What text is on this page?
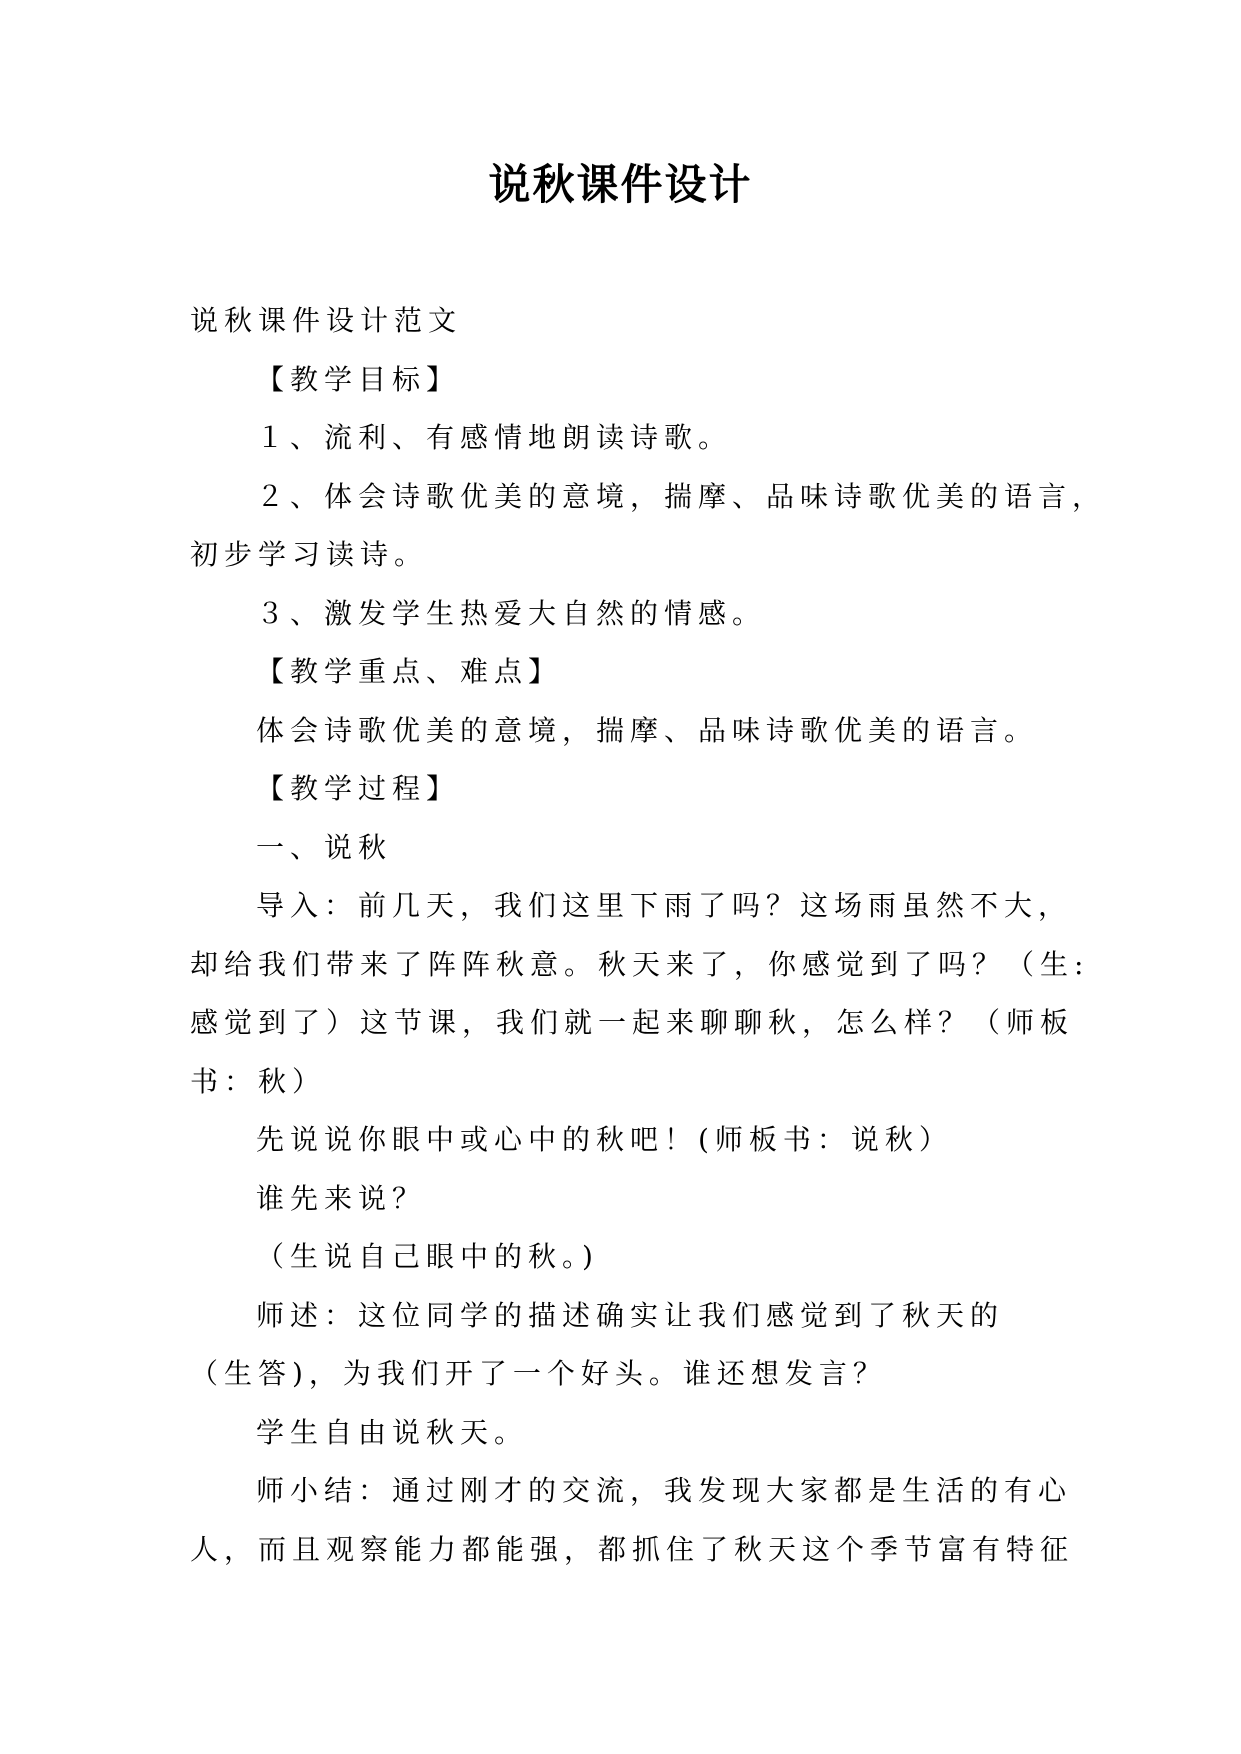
说秋课件设计
说秋课件设计范文
【教学目标】
１、流利、有感情地朗读诗歌。
２、体会诗歌优美的意境，揣摩、品味诗歌优美的语言，
初步学习读诗。
３、激发学生热爱大自然的情感。
【教学重点、难点】
体会诗歌优美的意境，揣摩、品味诗歌优美的语言。
【教学过程】
一、说秋
导入：前几天，我们这里下雨了吗？这场雨虽然不大，
却给我们带来了阵阵秋意。秋天来了，你感觉到了吗？（生:
感觉到了）这节课，我们就一起来聊聊秋，怎么样？（师板
书：秋）
先说说你眼中或心中的秋吧！(师板书：说秋）
谁先来说？
（生说自己眼中的秋。)
师述：这位同学的描述确实让我们感觉到了秋天的
（生答)，为我们开了一个好头。谁还想发言？
学生自由说秋天。
师小结：通过刚才的交流，我发现大家都是生活的有心
人，而且观察能力都能强，都抓住了秋天这个季节富有特征
